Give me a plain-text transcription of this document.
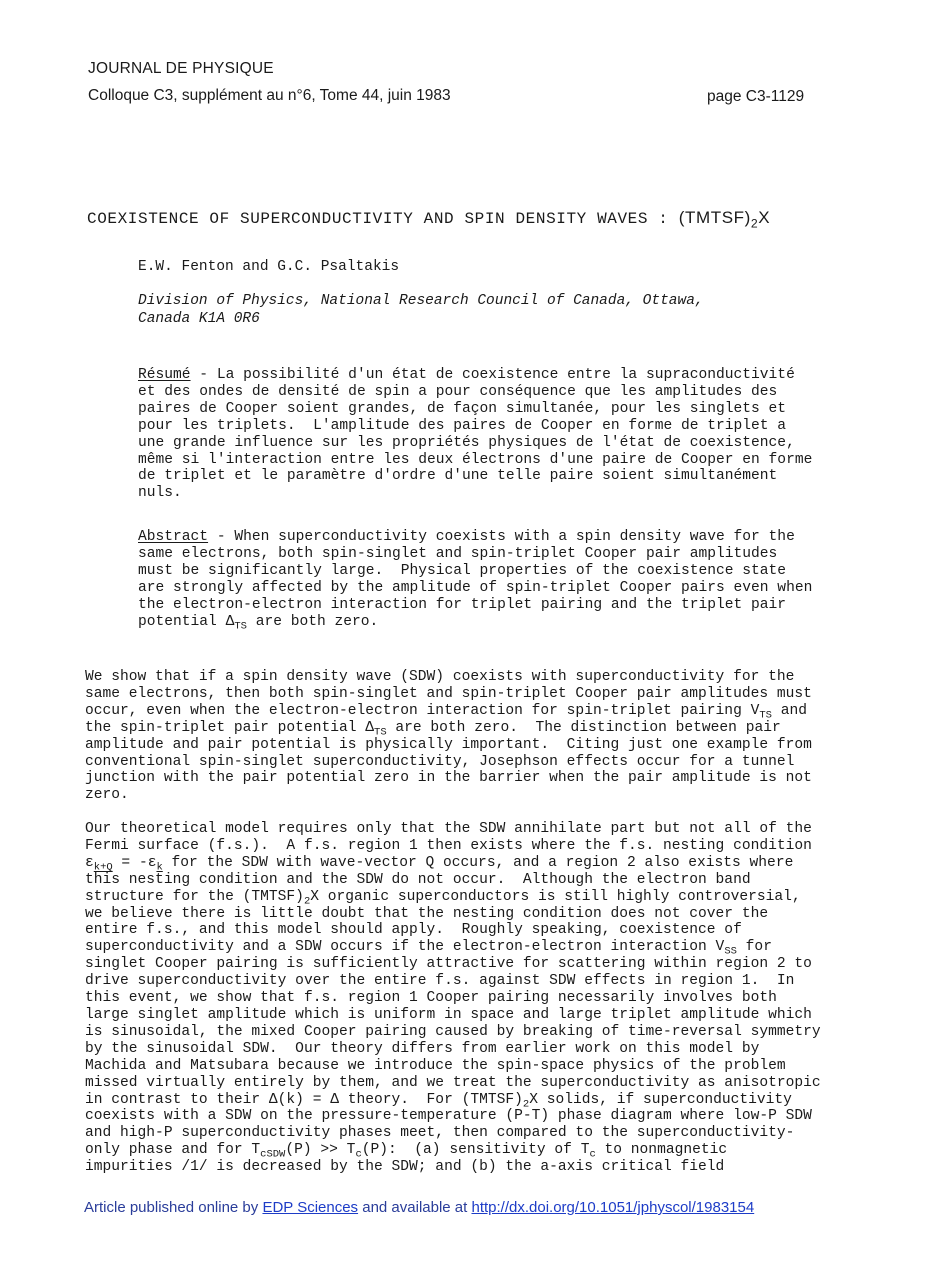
JOURNAL DE PHYSIQUE
Colloque C3, supplément au n°6, Tome 44, juin 1983	page C3-1129
COEXISTENCE OF SUPERCONDUCTIVITY AND SPIN DENSITY WAVES : $(TMTSF)_2X$
E.W. Fenton and G.C. Psaltakis
Division of Physics, National Research Council of Canada, Ottawa,
Canada K1A 0R6
Résumé - La possibilité d'un état de coexistence entre la supraconductivité
et des ondes de densité de spin a pour conséquence que les amplitudes des
paires de Cooper soient grandes, de façon simultanée, pour les singlets et
pour les triplets.  L'amplitude des paires de Cooper en forme de triplet a
une grande influence sur les propriétés physiques de l'état de coexistence,
même si l'interaction entre les deux électrons d'une paire de Cooper en forme
de triplet et le paramètre d'ordre d'une telle paire soient simultanément
nuls.
Abstract - When superconductivity coexists with a spin density wave for the
same electrons, both spin-singlet and spin-triplet Cooper pair amplitudes
must be significantly large.  Physical properties of the coexistence state
are strongly affected by the amplitude of spin-triplet Cooper pairs even when
the electron-electron interaction for triplet pairing and the triplet pair
potential $\Delta_{TS}$ are both zero.
We show that if a spin density wave (SDW) coexists with superconductivity for the
same electrons, then both spin-singlet and spin-triplet Cooper pair amplitudes must
occur, even when the electron-electron interaction for spin-triplet pairing $V_{TS}$ and
the spin-triplet pair potential $\Delta_{TS}$ are both zero.  The distinction between pair
amplitude and pair potential is physically important.  Citing just one example from
conventional spin-singlet superconductivity, Josephson effects occur for a tunnel
junction with the pair potential zero in the barrier when the pair amplitude is not
zero.
Our theoretical model requires only that the SDW annihilate part but not all of the
Fermi surface (f.s.).  A f.s. region 1 then exists where the f.s. nesting condition
$\varepsilon_{k+Q} = -\varepsilon_k$ for the SDW with wave-vector Q occurs, and a region 2 also exists where
this nesting condition and the SDW do not occur.  Although the electron band
structure for the $(TMTSF)_2X$ organic superconductors is still highly controversial,
we believe there is little doubt that the nesting condition does not cover the
entire f.s., and this model should apply.  Roughly speaking, coexistence of
superconductivity and a SDW occurs if the electron-electron interaction $V_{SS}$ for
singlet Cooper pairing is sufficiently attractive for scattering within region 2 to
drive superconductivity over the entire f.s. against SDW effects in region 1.  In
this event, we show that f.s. region 1 Cooper pairing necessarily involves both
large singlet amplitude which is uniform in space and large triplet amplitude which
is sinusoidal, the mixed Cooper pairing caused by breaking of time-reversal symmetry
by the sinusoidal SDW.  Our theory differs from earlier work on this model by
Machida and Matsubara because we introduce the spin-space physics of the problem
missed virtually entirely by them, and we treat the superconductivity as anisotropic
in contrast to their Δ(k) = Δ theory.  For $(TMTSF)_2X$ solids, if superconductivity
coexists with a SDW on the pressure-temperature (P-T) phase diagram where low-P SDW
and high-P superconductivity phases meet, then compared to the superconductivity-
only phase and for $T_{cSDW}(P) >> T_c(P)$:  (a) sensitivity of $T_c$ to nonmagnetic
impurities /1/ is decreased by the SDW; and (b) the a-axis critical field
Article published online by EDP Sciences and available at http://dx.doi.org/10.1051/jphyscol/1983154
